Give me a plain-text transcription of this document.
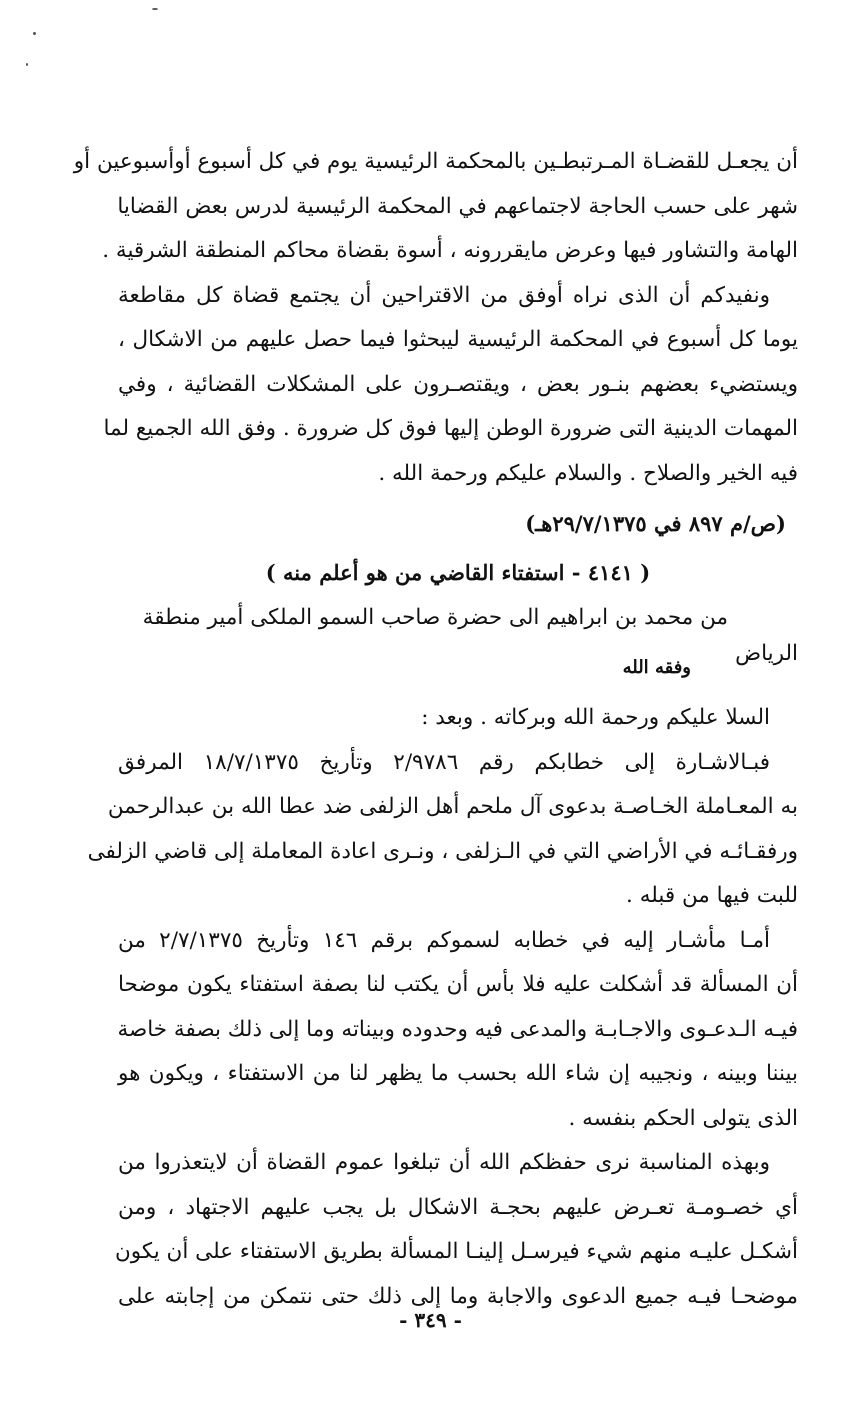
أن يجعـل للقضـاة المـرتبطـين بالمحكمة الرئيسية يوم في كل أسبوع أوأسبوعين أو
شهر على حسب الحاجة لاجتماعهم في المحكمة الرئيسية لدرس بعض القضايا
الهامة والتشاور فيها وعرض مايقررونه ، أسوة بقضاة محاكم المنطقة الشرقية .
ونفيدكم أن الذى نراه أوفق من الاقتراحين أن يجتمع قضاة كل مقاطعة
يوما كل أسبوع في المحكمة الرئيسية ليبحثوا فيما حصل عليهم من الاشكال ،
ويستضيء بعضهم بنـور بعض ، ويقتصـرون على المشكلات القضائية ، وفي
المهمات الدينية التى ضرورة الوطن إليها فوق كل ضرورة . وفق الله الجميع لما
فيه الخير والصلاح . والسلام عليكم ورحمة الله .
(ص/م ٨٩٧ في ٢٩/٧/١٣٧٥هـ)
( ٤١٤١ - استفتاء القاضي من هو أعلم منه )
من محمد بن ابراهيم الى حضرة صاحب السمو الملكى أمير منطقة
الرياض
وفقه الله
السلا عليكم ورحمة الله وبركاته . وبعد :
فبـالاشـارة إلى خطابكم رقم ٢/٩٧٨٦ وتأريخ ١٨/٧/١٣٧٥ المرفق
به المعـاملة الخـاصـة بدعوى آل ملحم أهل الزلفى ضد عطا الله بن عبدالرحمن
ورفقـائـه في الأراضي التي في الـزلفى ، ونـرى اعادة المعاملة إلى قاضي الزلفى
للبت فيها من قبله .
أمـا مأشـار إليه في خطابه لسموكم برقم ١٤٦ وتأريخ ٢/٧/١٣٧٥ من
أن المسألة قد أشكلت عليه فلا بأس أن يكتب لنا بصفة استفتاء يكون موضحا
فيـه الـدعـوى والاجـابـة والمدعى فيه وحدوده وبيناته وما إلى ذلك بصفة خاصة
بيننا وبينه ، ونجيبه إن شاء الله بحسب ما يظهر لنا من الاستفتاء ، ويكون هو
الذى يتولى الحكم بنفسه .
وبهذه المناسبة نرى حفظكم الله أن تبلغوا عموم القضاة أن لايتعذروا من
أي خصـومـة تعـرض عليهم بحجـة الاشكال بل يجب عليهم الاجتهاد ، ومن
أشكـل عليـه منهم شيء فيرسـل إلينـا المسألة بطريق الاستفتاء على أن يكون
موضحـا فيـه جميع الدعوى والاجابة وما إلى ذلك حتى نتمكن من إجابته على
- ٣٤٩ -
